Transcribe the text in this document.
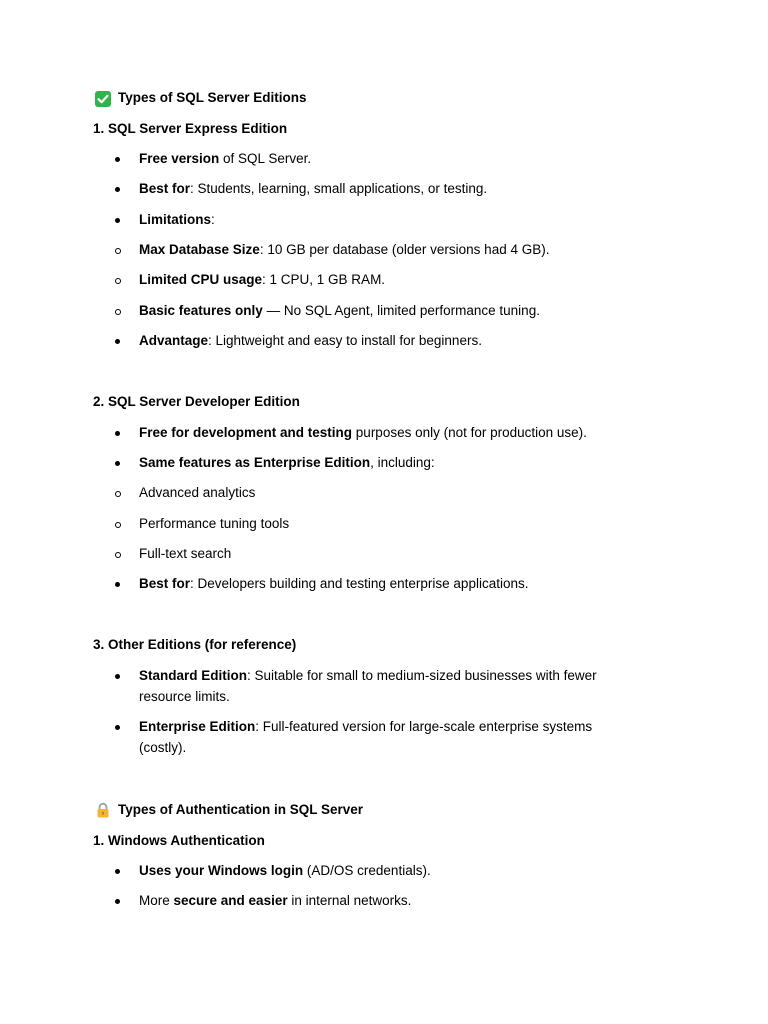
Types of SQL Server Editions
1. SQL Server Express Edition
Free version of SQL Server.
Best for: Students, learning, small applications, or testing.
Limitations:
Max Database Size: 10 GB per database (older versions had 4 GB).
Limited CPU usage: 1 CPU, 1 GB RAM.
Basic features only — No SQL Agent, limited performance tuning.
Advantage: Lightweight and easy to install for beginners.
2. SQL Server Developer Edition
Free for development and testing purposes only (not for production use).
Same features as Enterprise Edition, including:
Advanced analytics
Performance tuning tools
Full-text search
Best for: Developers building and testing enterprise applications.
3. Other Editions (for reference)
Standard Edition: Suitable for small to medium-sized businesses with fewer
resource limits.
Enterprise Edition: Full-featured version for large-scale enterprise systems
(costly).
Types of Authentication in SQL Server
1. Windows Authentication
Uses your Windows login (AD/OS credentials).
More secure and easier in internal networks.
